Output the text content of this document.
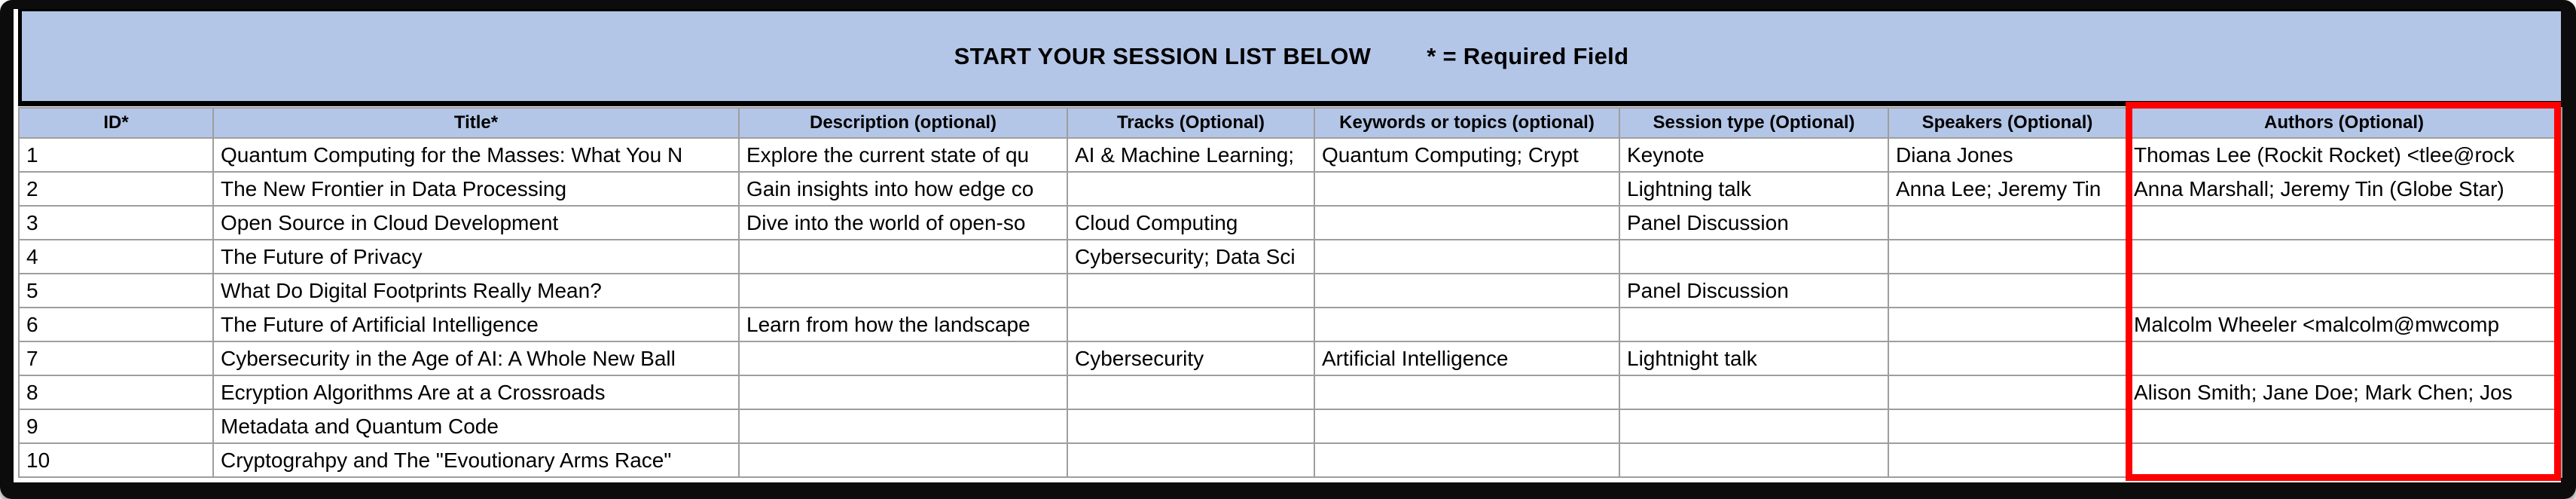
START YOUR SESSION LIST BELOW * = Required Field
ID*	Title*	Description (optional)	Tracks (Optional)	Keywords or topics (optional)	Session type (Optional)	Speakers (Optional)	Authors (Optional)
1	Quantum Computing for the Masses: What You N	Explore the current state of qu	AI & Machine Learning;	Quantum Computing; Crypt	Keynote	Diana Jones	Thomas Lee (Rockit Rocket) <tlee@rock
2	The New Frontier in Data Processing	Gain insights into how edge co			Lightning talk	Anna Lee; Jeremy Tin	Anna Marshall; Jeremy Tin (Globe Star)
3	Open Source in Cloud Development	Dive into the world of open-so	Cloud Computing		Panel Discussion		
4	The Future of Privacy		Cybersecurity; Data Sci				
5	What Do Digital Footprints Really Mean?				Panel Discussion		
6	The Future of Artificial Intelligence	Learn from how the landscape					Malcolm Wheeler <malcolm@mwcomp
7	Cybersecurity in the Age of AI: A Whole New Ball		Cybersecurity	Artificial Intelligence	Lightnight talk		
8	Ecryption Algorithms Are at a Crossroads						Alison Smith; Jane Doe; Mark Chen; Jos
9	Metadata and Quantum Code						
10	Cryptograhpy and The "Evoutionary Arms Race"						
